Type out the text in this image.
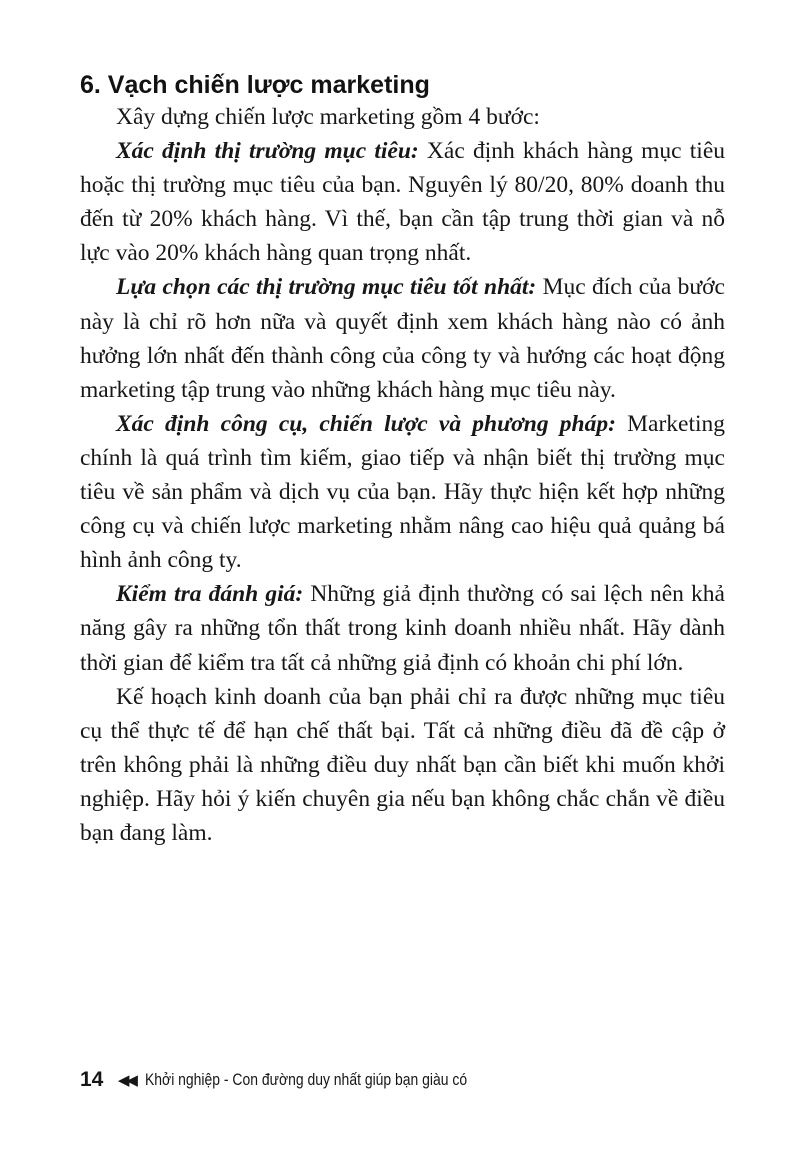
6. Vạch chiến lược marketing

Xây dựng chiến lược marketing gồm 4 bước:

Xác định thị trường mục tiêu: Xác định khách hàng mục tiêu hoặc thị trường mục tiêu của bạn. Nguyên lý 80/20, 80% doanh thu đến từ 20% khách hàng. Vì thế, bạn cần tập trung thời gian và nỗ lực vào 20% khách hàng quan trọng nhất.

Lựa chọn các thị trường mục tiêu tốt nhất: Mục đích của bước này là chỉ rõ hơn nữa và quyết định xem khách hàng nào có ảnh hưởng lớn nhất đến thành công của công ty và hướng các hoạt động marketing tập trung vào những khách hàng mục tiêu này.

Xác định công cụ, chiến lược và phương pháp: Marketing chính là quá trình tìm kiếm, giao tiếp và nhận biết thị trường mục tiêu về sản phẩm và dịch vụ của bạn. Hãy thực hiện kết hợp những công cụ và chiến lược marketing nhằm nâng cao hiệu quả quảng bá hình ảnh công ty.

Kiểm tra đánh giá: Những giả định thường có sai lệch nên khả năng gây ra những tổn thất trong kinh doanh nhiều nhất. Hãy dành thời gian để kiểm tra tất cả những giả định có khoản chi phí lớn.

Kế hoạch kinh doanh của bạn phải chỉ ra được những mục tiêu cụ thể thực tế để hạn chế thất bại. Tất cả những điều đã đề cập ở trên không phải là những điều duy nhất bạn cần biết khi muốn khởi nghiệp. Hãy hỏi ý kiến chuyên gia nếu bạn không chắc chắn về điều bạn đang làm.

14 ◀◀ Khởi nghiệp - Con đường duy nhất giúp bạn giàu có
